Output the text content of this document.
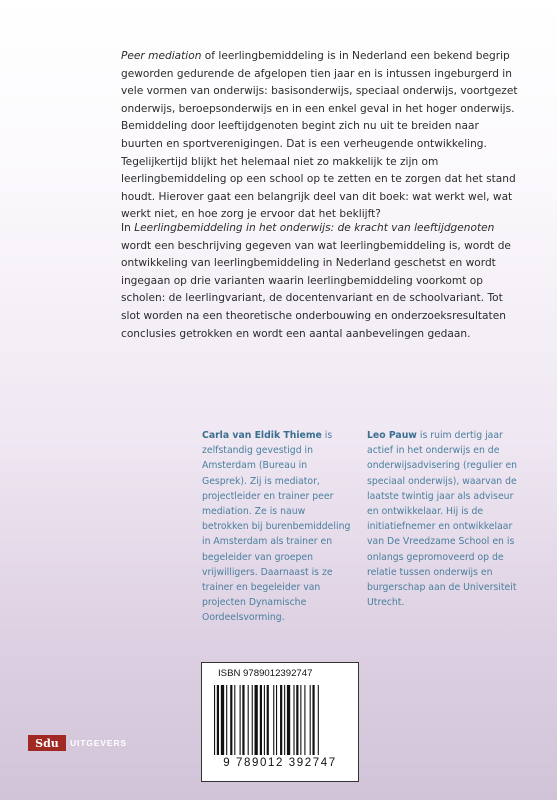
Peer mediation of leerlingbemiddeling is in Nederland een bekend begrip geworden gedurende de afgelopen tien jaar en is intussen ingeburgerd in vele vormen van onderwijs: basisonderwijs, speciaal onderwijs, voortgezet onderwijs, beroepsonderwijs en in een enkel geval in het hoger onderwijs. Bemiddeling door leeftijdgenoten begint zich nu uit te breiden naar buurten en sportverenigingen. Dat is een verheugende ontwikkeling. Tegelijkertijd blijkt het helemaal niet zo makkelijk te zijn om leerlingbemiddeling op een school op te zetten en te zorgen dat het stand houdt. Hierover gaat een belangrijk deel van dit boek: wat werkt wel, wat werkt niet, en hoe zorg je ervoor dat het beklijft?

In Leerlingbemiddeling in het onderwijs: de kracht van leeftijdgenoten wordt een beschrijving gegeven van wat leerlingbemiddeling is, wordt de ontwikkeling van leerlingbemiddeling in Nederland geschetst en wordt ingegaan op drie varianten waarin leerlingbemiddeling voorkomt op scholen: de leerlingvariant, de docentenvariant en de schoolvariant. Tot slot worden na een theoretische onderbouwing en onderzoeksresultaten conclusies getrokken en wordt een aantal aanbevelingen gedaan.

Carla van Eldik Thieme is zelfstandig gevestigd in Amsterdam (Bureau in Gesprek). Zij is mediator, projectleider en trainer peer mediation. Ze is nauw betrokken bij burenbemiddeling in Amsterdam als trainer en begeleider van groepen vrijwilligers. Daarnaast is ze trainer en begeleider van projecten Dynamische Oordeelsvorming.
Leo Pauw is ruim dertig jaar actief in het onderwijs en de onderwijsadvisering (regulier en speciaal onderwijs), waarvan de laatste twintig jaar als adviseur en ontwikkelaar. Hij is de initiatiefnemer en ontwikkelaar van De Vreedzame School en is onlangs gepromoveerd op de relatie tussen onderwijs en burgerschap aan de Universiteit Utrecht.
ISBN 9789012392747
9 789012 392747
Sdu	UITGEVERS
